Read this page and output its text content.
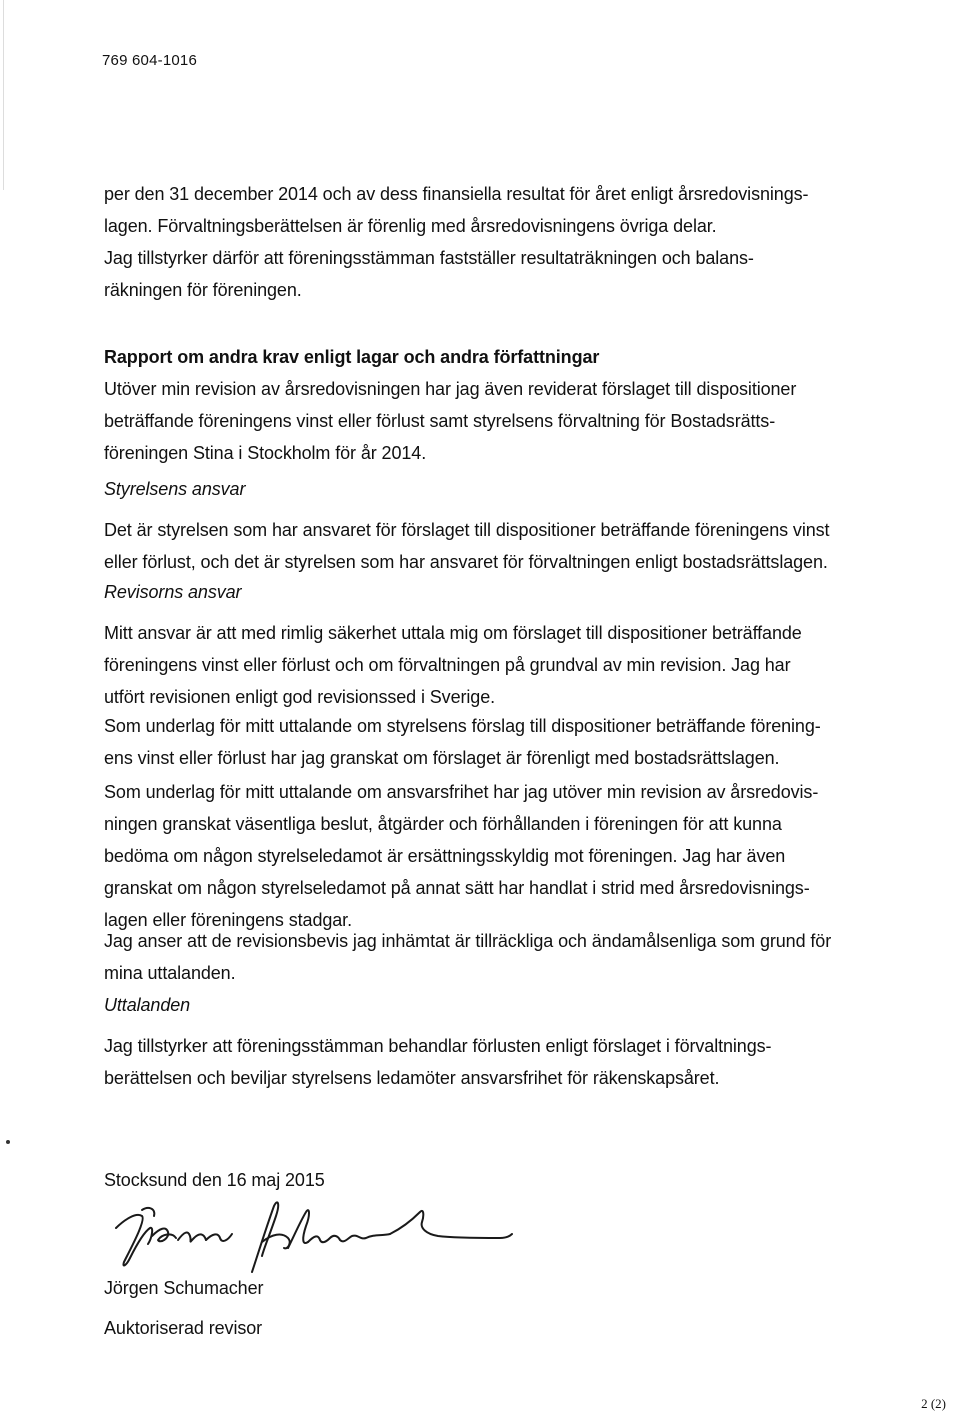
769 604-1016

per den 31 december 2014 och av dess finansiella resultat för året enligt årsredovisnings-

lagen. Förvaltningsberättelsen är förenlig med årsredovisningens övriga delar.

Jag tillstyrker därför att föreningsstämman fastställer resultaträkningen och balans-

räkningen för föreningen.

Rapport om andra krav enligt lagar och andra författningar

Utöver min revision av årsredovisningen har jag även reviderat förslaget till dispositioner

beträffande föreningens vinst eller förlust samt styrelsens förvaltning för Bostadsrätts-

föreningen Stina i Stockholm för år 2014.

Styrelsens ansvar

Det är styrelsen som har ansvaret för förslaget till dispositioner beträffande föreningens vinst

eller förlust, och det är styrelsen som har ansvaret för förvaltningen enligt bostadsrättslagen.

Revisorns ansvar

Mitt ansvar är att med rimlig säkerhet uttala mig om förslaget till dispositioner beträffande

föreningens vinst eller förlust och om förvaltningen på grundval av min revision. Jag har

utfört revisionen enligt god revisionssed i Sverige.

Som underlag för mitt uttalande om styrelsens förslag till dispositioner beträffande förening-

ens vinst eller förlust har jag granskat om förslaget är förenligt med bostadsrättslagen.

Som underlag för mitt uttalande om ansvarsfrihet har jag utöver min revision av årsredovis-

ningen granskat väsentliga beslut, åtgärder och förhållanden i föreningen för att kunna

bedöma om någon styrelseledamot är ersättningsskyldig mot föreningen. Jag har även

granskat om någon styrelseledamot på annat sätt har handlat i strid med årsredovisnings-

lagen eller föreningens stadgar.

Jag anser att de revisionsbevis jag inhämtat är tillräckliga och ändamålsenliga som grund för

mina uttalanden.

Uttalanden

Jag tillstyrker att föreningsstämman behandlar förlusten enligt förslaget i förvaltnings-

berättelsen och beviljar styrelsens ledamöter ansvarsfrihet för räkenskapsåret.

Stocksund den 16 maj 2015

Jörgen Schumacher

Auktoriserad revisor

2 (2)
